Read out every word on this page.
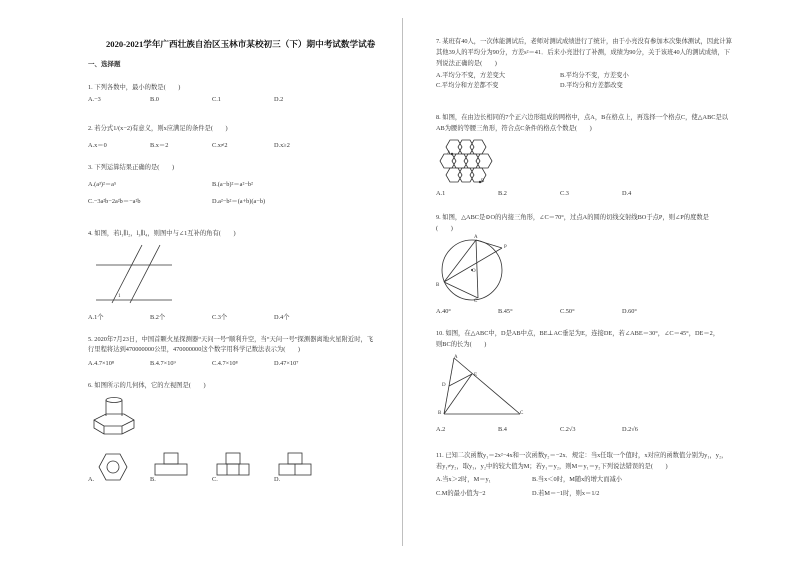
2020-2021学年广西壮族自治区玉林市某校初三（下）期中考试数学试卷
一、选择题
1. 下列各数中，最小的数是(　　)
A.−3	B.0	C.1	D.2
2. 若分式1/(x−2)有意义，则x应满足的条件是(　　)
A.x＝0	B.x＝2	C.x≠2	D.x≥2
3. 下列运算结果正确的是(　　)
A.(a³)²＝a⁵	B.(a−b)²＝a²−b²
C.−3a²b−2a²b＝−a²b	D.a²−b²＝(a+b)(a−b)
4. 如图，若l₁∥l₂，l₃∥l₄，则图中与∠1互补的角有(　　)
1
A.1个	B.2个	C.3个	D.4个
5. 2020年7月23日，中国首颗火星探测器“天问一号”顺利升空，当“天问一号”探测器离地火星附近时，飞
行里程将达到470000000公里，470000000这个数字用科学记数法表示为(　　)
A.4.7×10⁸	B.4.7×10⁹	C.4.7×10⁸	D.47×10⁷
6. 如图所示的几何体，它的左视图是(　　)
A.	B.	C.	D.
7. 某班有40人，一次体能测试后，老师对测试成绩进行了统计，由于小亮没有参加本次集体测试，因此计算
其他39人的平均分为90分，方差s²＝41．后来小亮进行了补测，成绩为90分，关于该班40人的测试成绩，下
列说法正确的是(　　)
A.平均分不变，方差变大	B.平均分不变，方差变小
C.平均分和方差都不变	D.平均分和方差都改变
8. 如图，在由边长相同的7个正六边形组成的网格中，点A，B在格点上，再选择一个格点C，使△ABC是以
AB为腰的等腰三角形，符合点C条件的格点个数是(　　)
A
B
A.1	B.2	C.3	D.4
9. 如图，△ABC是⊙O的内接三角形，∠C＝70°，过点A的圆的切线交射线BO于点P，则∠P的度数是
(　　)
A
P
O
B
C
A.40°	B.45°	C.50°	D.60°
10. 如图，在△ABC中，D是AB中点，BE⊥AC垂足为E，连接DE，若∠ABE＝30°，∠C＝45°，DE＝2，
则BC的长为(　　)
A
E
D
B	C
A.2	B.4	C.2√3	D.2√6
11. 已知二次函数y₁＝2x²−4x和一次函数y₂＝−2x．规定：当x任取一个值时，x对应的函数值分别为y₁，y₂，
若y₁≠y₂，取y₁，y₂中的较大值为M；若y₁＝y₂，则M＝y₁＝y₂下列说法错误的是(　　)
A.当x＞2时，M＝y₁	B.当x＜0时，M随x的增大而减小
C.M的最小值为−2	D.若M＝−1时，则x＝1/2
